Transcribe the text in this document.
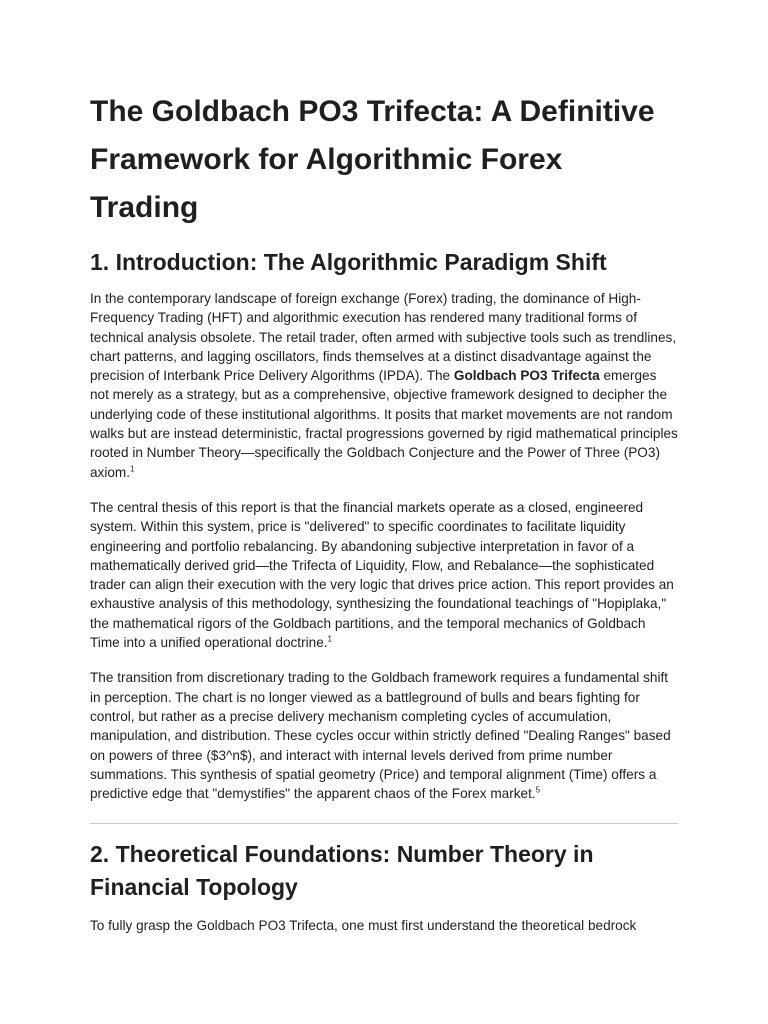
The Goldbach PO3 Trifecta: A Definitive Framework for Algorithmic Forex Trading
1. Introduction: The Algorithmic Paradigm Shift

In the contemporary landscape of foreign exchange (Forex) trading, the dominance of High-Frequency Trading (HFT) and algorithmic execution has rendered many traditional forms of technical analysis obsolete. The retail trader, often armed with subjective tools such as trendlines, chart patterns, and lagging oscillators, finds themselves at a distinct disadvantage against the precision of Interbank Price Delivery Algorithms (IPDA). The Goldbach PO3 Trifecta emerges not merely as a strategy, but as a comprehensive, objective framework designed to decipher the underlying code of these institutional algorithms. It posits that market movements are not random walks but are instead deterministic, fractal progressions governed by rigid mathematical principles rooted in Number Theory—specifically the Goldbach Conjecture and the Power of Three (PO3) axiom.$^1$

The central thesis of this report is that the financial markets operate as a closed, engineered system. Within this system, price is "delivered" to specific coordinates to facilitate liquidity engineering and portfolio rebalancing. By abandoning subjective interpretation in favor of a mathematically derived grid—the Trifecta of Liquidity, Flow, and Rebalance—the sophisticated trader can align their execution with the very logic that drives price action. This report provides an exhaustive analysis of this methodology, synthesizing the foundational teachings of "Hopiplaka," the mathematical rigors of the Goldbach partitions, and the temporal mechanics of Goldbach Time into a unified operational doctrine.$^1$

The transition from discretionary trading to the Goldbach framework requires a fundamental shift in perception. The chart is no longer viewed as a battleground of bulls and bears fighting for control, but rather as a precise delivery mechanism completing cycles of accumulation, manipulation, and distribution. These cycles occur within strictly defined "Dealing Ranges" based on powers of three ($3^n$), and interact with internal levels derived from prime number summations. This synthesis of spatial geometry (Price) and temporal alignment (Time) offers a predictive edge that "demystifies" the apparent chaos of the Forex market.$^5$

2. Theoretical Foundations: Number Theory in Financial Topology

To fully grasp the Goldbach PO3 Trifecta, one must first understand the theoretical bedrock
